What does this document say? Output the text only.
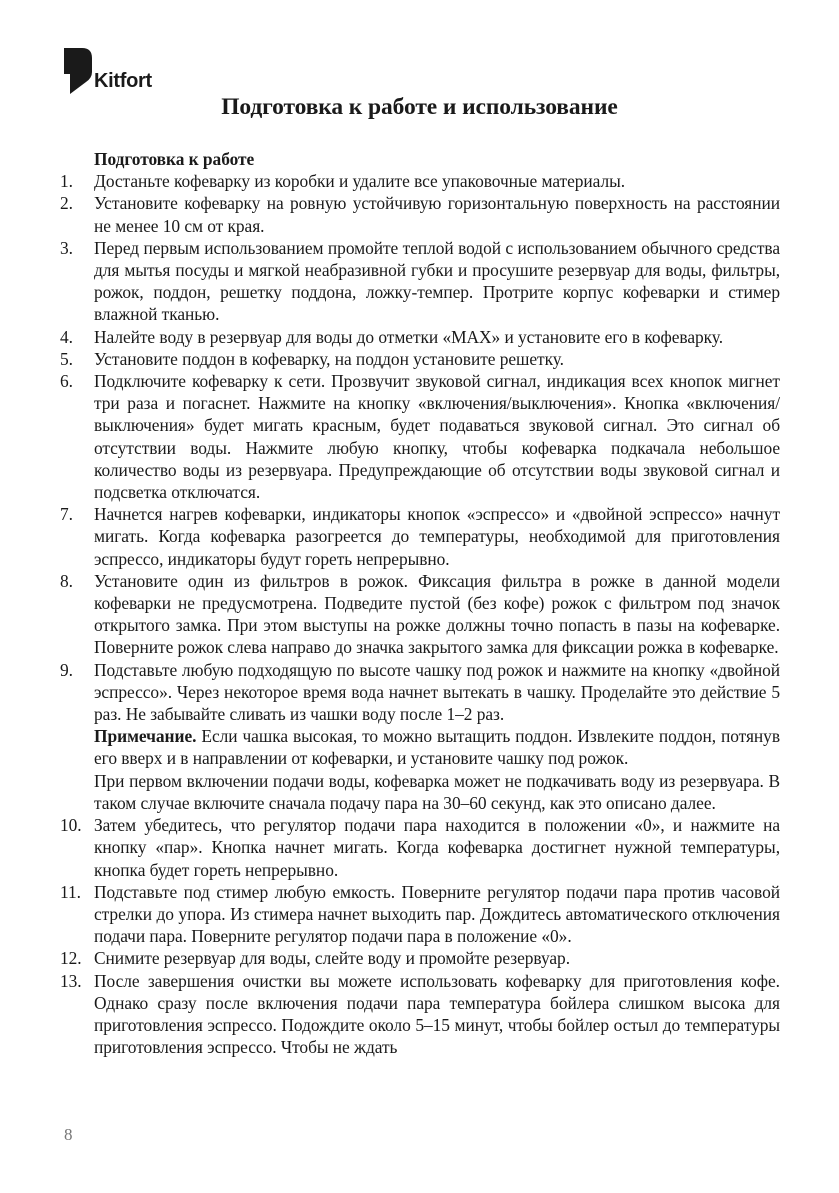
Kitfort
Подготовка к работе и использование

Подготовка к работе

1. Достаньте кофеварку из коробки и удалите все упаковочные материалы.

2. Установите кофеварку на ровную устойчивую горизонтальную поверхность на расстоянии не менее 10 см от края.

3. Перед первым использованием промойте теплой водой с использованием обычного средства для мытья посуды и мягкой неабразивной губки и просушите резервуар для воды, фильтры, рожок, поддон, решетку поддона, ложку-темпер. Протрите корпус кофеварки и стимер влажной тканью.

4. Налейте воду в резервуар для воды до отметки «MAX» и установите его в кофеварку.

5. Установите поддон в кофеварку, на поддон установите решетку.

6. Подключите кофеварку к сети. Прозвучит звуковой сигнал, индикация всех кнопок мигнет три раза и погаснет. Нажмите на кнопку «включения/выключения». Кнопка «включения/выключения» будет мигать красным, будет подаваться звуковой сигнал. Это сигнал об отсутствии воды. Нажмите любую кнопку, чтобы кофеварка подкачала небольшое количество воды из резервуара. Предупреждающие об отсутствии воды звуковой сигнал и подсветка отключатся.

7. Начнется нагрев кофеварки, индикаторы кнопок «эспрессо» и «двойной эспрессо» начнут мигать. Когда кофеварка разогреется до температуры, необходимой для приготовления эспрессо, индикаторы будут гореть непрерывно.

8. Установите один из фильтров в рожок. Фиксация фильтра в рожке в данной модели кофеварки не предусмотрена. Подведите пустой (без кофе) рожок с фильтром под значок открытого замка. При этом выступы на рожке должны точно попасть в пазы на кофеварке. Поверните рожок слева направо до значка закрытого замка для фиксации рожка в кофеварке.

9. Подставьте любую подходящую по высоте чашку под рожок и нажмите на кнопку «двойной эспрессо». Через некоторое время вода начнет вытекать в чашку. Проделайте это действие 5 раз. Не забывайте сливать из чашки воду после 1–2 раз.

Примечание. Если чашка высокая, то можно вытащить поддон. Извлеките поддон, потянув его вверх и в направлении от кофеварки, и установите чашку под рожок.

При первом включении подачи воды, кофеварка может не подкачивать воду из резервуара. В таком случае включите сначала подачу пара на 30–60 секунд, как это описано далее.

10. Затем убедитесь, что регулятор подачи пара находится в положении «0», и нажмите на кнопку «пар». Кнопка начнет мигать. Когда кофеварка достигнет нужной температуры, кнопка будет гореть непрерывно.

11. Подставьте под стимер любую емкость. Поверните регулятор подачи пара против часовой стрелки до упора. Из стимера начнет выходить пар. Дождитесь автоматического отключения подачи пара. Поверните регулятор подачи пара в положение «0».

12. Снимите резервуар для воды, слейте воду и промойте резервуар.

13. После завершения очистки вы можете использовать кофеварку для приготовления кофе. Однако сразу после включения подачи пара температура бойлера слишком высока для приготовления эспрессо. Подождите около 5–15 минут, чтобы бойлер остыл до температуры приготовления эспрессо. Чтобы не ждать

8
